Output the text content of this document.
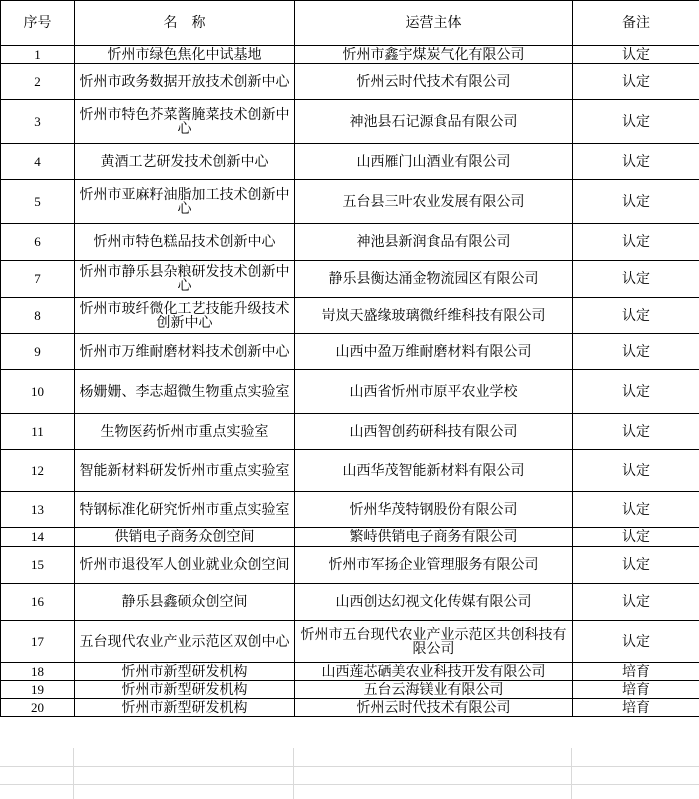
序号	名　称	运营主体	备注
1	忻州市绿色焦化中试基地	忻州市鑫宇煤炭气化有限公司	认定
2	忻州市政务数据开放技术创新中心	忻州云时代技术有限公司	认定
3	忻州市特色芥菜酱腌菜技术创新中心	神池县石记源食品有限公司	认定
4	黄酒工艺研发技术创新中心	山西雁门山酒业有限公司	认定
5	忻州市亚麻籽油脂加工技术创新中心	五台县三叶农业发展有限公司	认定
6	忻州市特色糕品技术创新中心	神池县新润食品有限公司	认定
7	忻州市静乐县杂粮研发技术创新中心	静乐县衡达涌金物流园区有限公司	认定
8	忻州市玻纤微化工艺技能升级技术创新中心	岢岚天盛缘玻璃微纤维科技有限公司	认定
9	忻州市万维耐磨材料技术创新中心	山西中盈万维耐磨材料有限公司	认定
10	杨姗姗、李志超微生物重点实验室	山西省忻州市原平农业学校	认定
11	生物医药忻州市重点实验室	山西智创药研科技有限公司	认定
12	智能新材料研发忻州市重点实验室	山西华茂智能新材料有限公司	认定
13	特钢标准化研究忻州市重点实验室	忻州华茂特钢股份有限公司	认定
14	供销电子商务众创空间	繁峙供销电子商务有限公司	认定
15	忻州市退役军人创业就业众创空间	忻州市军扬企业管理服务有限公司	认定
16	静乐县鑫硕众创空间	山西创达幻视文化传媒有限公司	认定
17	五台现代农业产业示范区双创中心	忻州市五台现代农业产业示范区共创科技有限公司	认定
18	忻州市新型研发机构	山西莲芯硒美农业科技开发有限公司	培育
19	忻州市新型研发机构	五台云海镁业有限公司	培育
20	忻州市新型研发机构	忻州云时代技术有限公司	培育
